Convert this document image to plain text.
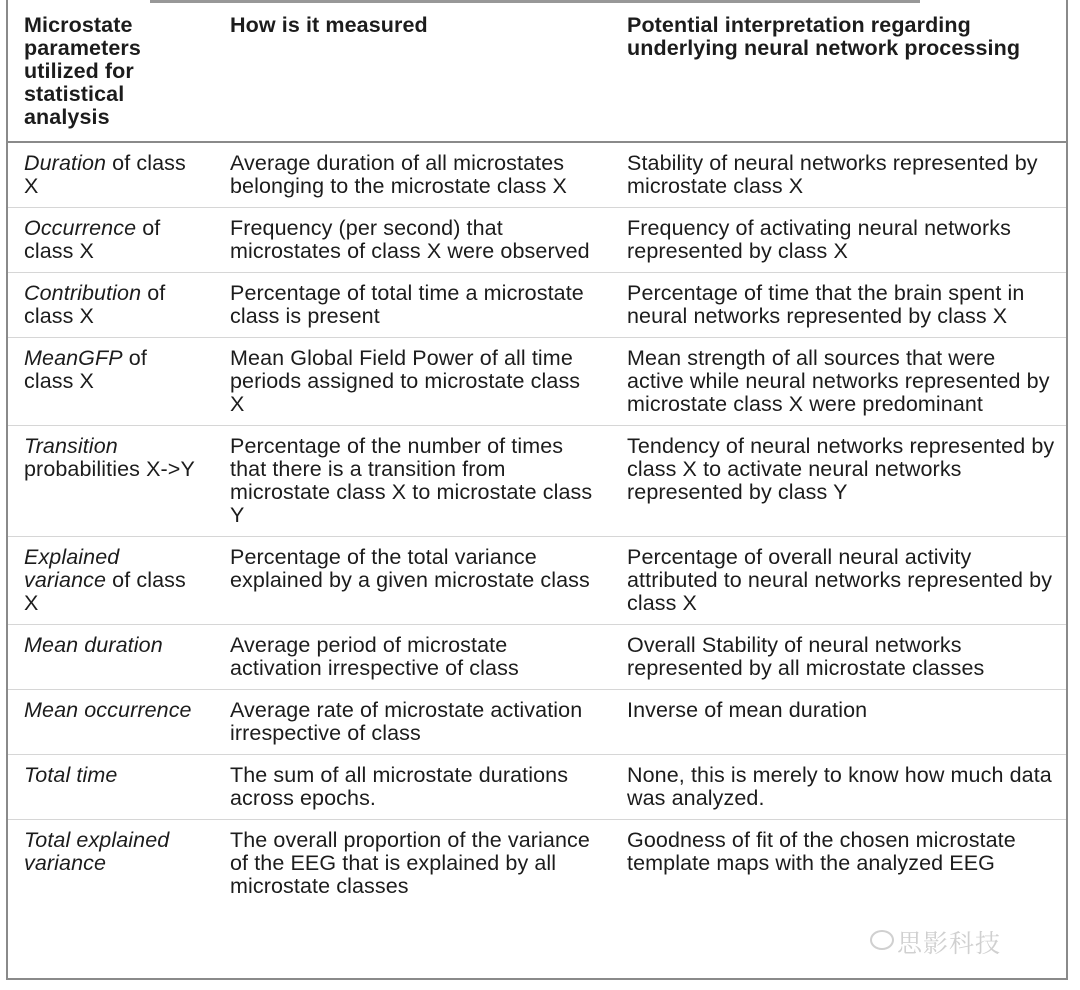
Microstate parameters utilized for statistical analysis	How is it measured	Potential interpretation regarding underlying neural network processing
Duration of class X	Average duration of all microstates belonging to the microstate class X	Stability of neural networks represented by microstate class X
Occurrence of class X	Frequency (per second) that microstates of class X were observed	Frequency of activating neural networks represented by class X
Contribution of class X	Percentage of total time a microstate class is present	Percentage of time that the brain spent in neural networks represented by class X
MeanGFP of class X	Mean Global Field Power of all time periods assigned to microstate class X	Mean strength of all sources that were active while neural networks represented by microstate class X were predominant
Transition probabilities X->Y	Percentage of the number of times that there is a transition from microstate class X to microstate class Y	Tendency of neural networks represented by class X to activate neural networks represented by class Y
Explained variance of class X	Percentage of the total variance explained by a given microstate class	Percentage of overall neural activity attributed to neural networks represented by class X
Mean duration	Average period of microstate activation irrespective of class	Overall Stability of neural networks represented by all microstate classes
Mean occurrence	Average rate of microstate activation irrespective of class	Inverse of mean duration
Total time	The sum of all microstate durations across epochs.	None, this is merely to know how much data was analyzed.
Total explained variance	The overall proportion of the variance of the EEG that is explained by all microstate classes	Goodness of fit of the chosen microstate template maps with the analyzed EEG
思影科技
